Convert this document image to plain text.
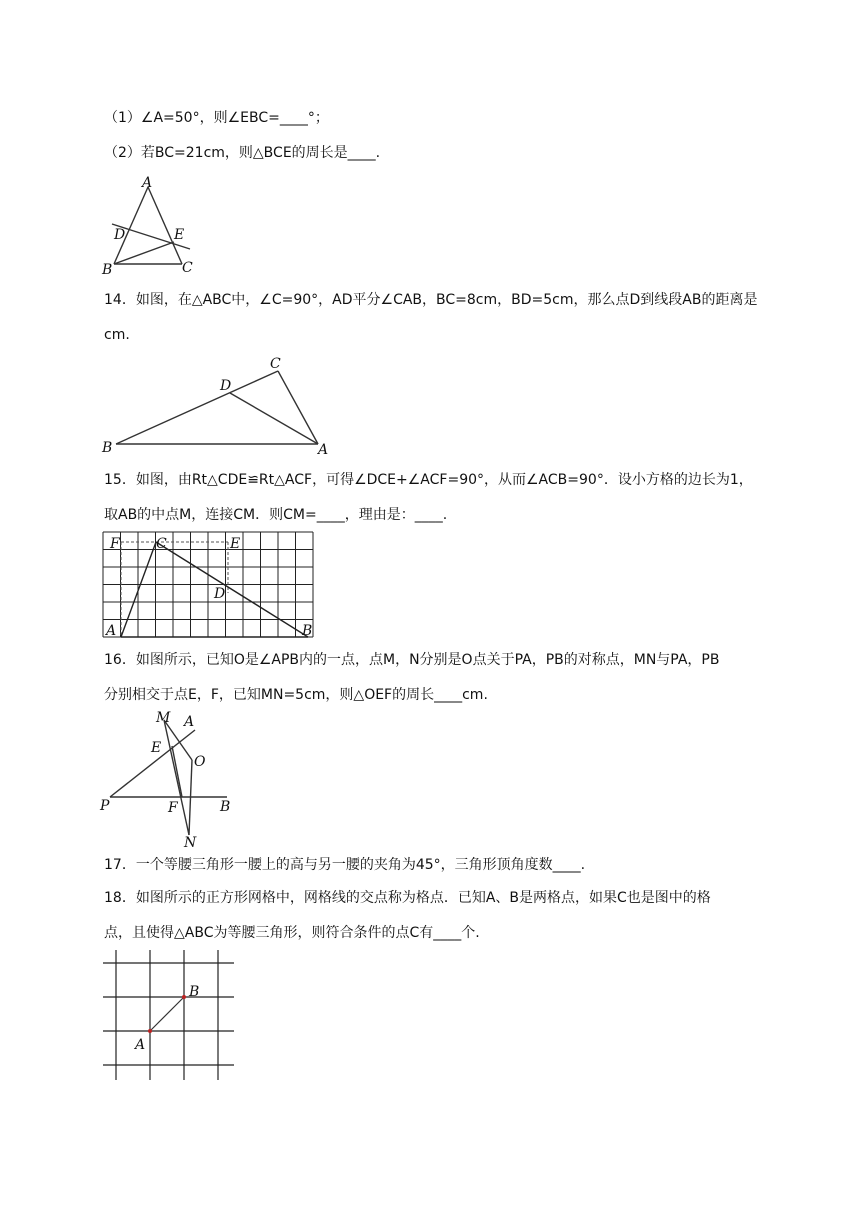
（1）∠A=50°，则∠EBC=____°；
（2）若BC=21cm，则△BCE的周长是____.
A
D	E
B	C
14．如图，在△ABC中，∠C=90°，AD平分∠CAB，BC=8cm，BD=5cm，那么点D到线段AB的距离是
cm.
C
D
B	A
15．如图，由Rt△CDE≌Rt△ACF，可得∠DCE+∠ACF=90°，从而∠ACB=90°．设小方格的边长为1，
取AB的中点M，连接CM．则CM=____，理由是：____.
F	C	E
D
A	B
16．如图所示，已知O是∠APB内的一点，点M，N分别是O点关于PA，PB的对称点，MN与PA，PB
分别相交于点E，F，已知MN=5cm，则△OEF的周长____cm.
M A
E
O
P	F	B
N
17．一个等腰三角形一腰上的高与另一腰的夹角为45°，三角形顶角度数____.
18．如图所示的正方形网格中，网格线的交点称为格点．已知A、B是两格点，如果C也是图中的格
点，且使得△ABC为等腰三角形，则符合条件的点C有____个.
B
A
